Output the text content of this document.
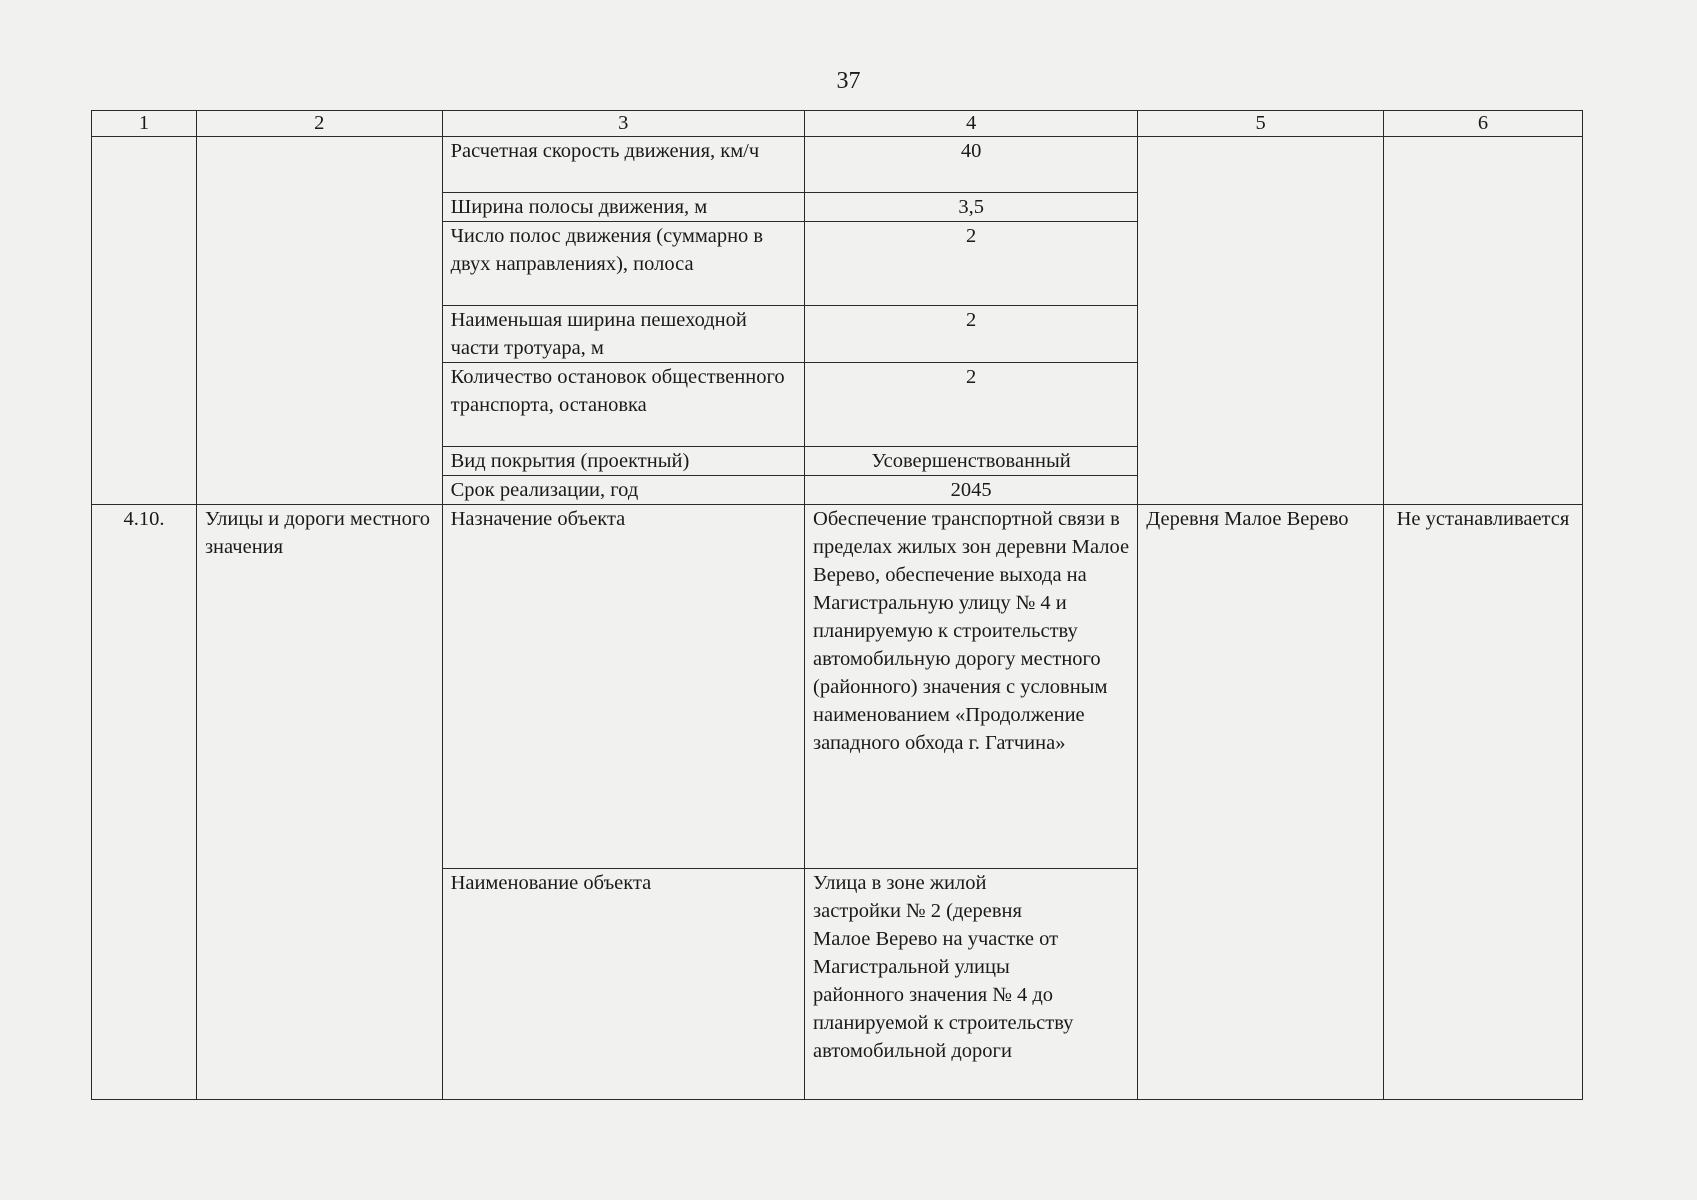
37
1	2	3	4	5	6
		Расчетная скорость движения, км/ч	40		
		Ширина полосы движения, м	3,5		
		Число полос движения (суммарно в двух направлениях), полоса	2		
		Наименьшая ширина пешеходной части тротуара, м	2		
		Количество остановок общественного транспорта, остановка	2		
		Вид покрытия (проектный)	Усовершенствованный		
		Срок реализации, год	2045		
4.10.	Улицы и дороги местного значения	Назначение объекта	Обеспечение транспортной связи в пределах жилых зон деревни Малое Верево, обеспечение выхода на Магистральную улицу № 4 и планируемую к строительству автомобильную дорогу местного (районного) значения с условным наименованием «Продолжение западного обхода г. Гатчина»	Деревня Малое Верево	Не устанавливается
		Наименование объекта	Улица в зоне жилой застройки № 2 (деревня Малое Верево на участке от Магистральной улицы районного значения № 4 до планируемой к строительству автомобильной дороги		
